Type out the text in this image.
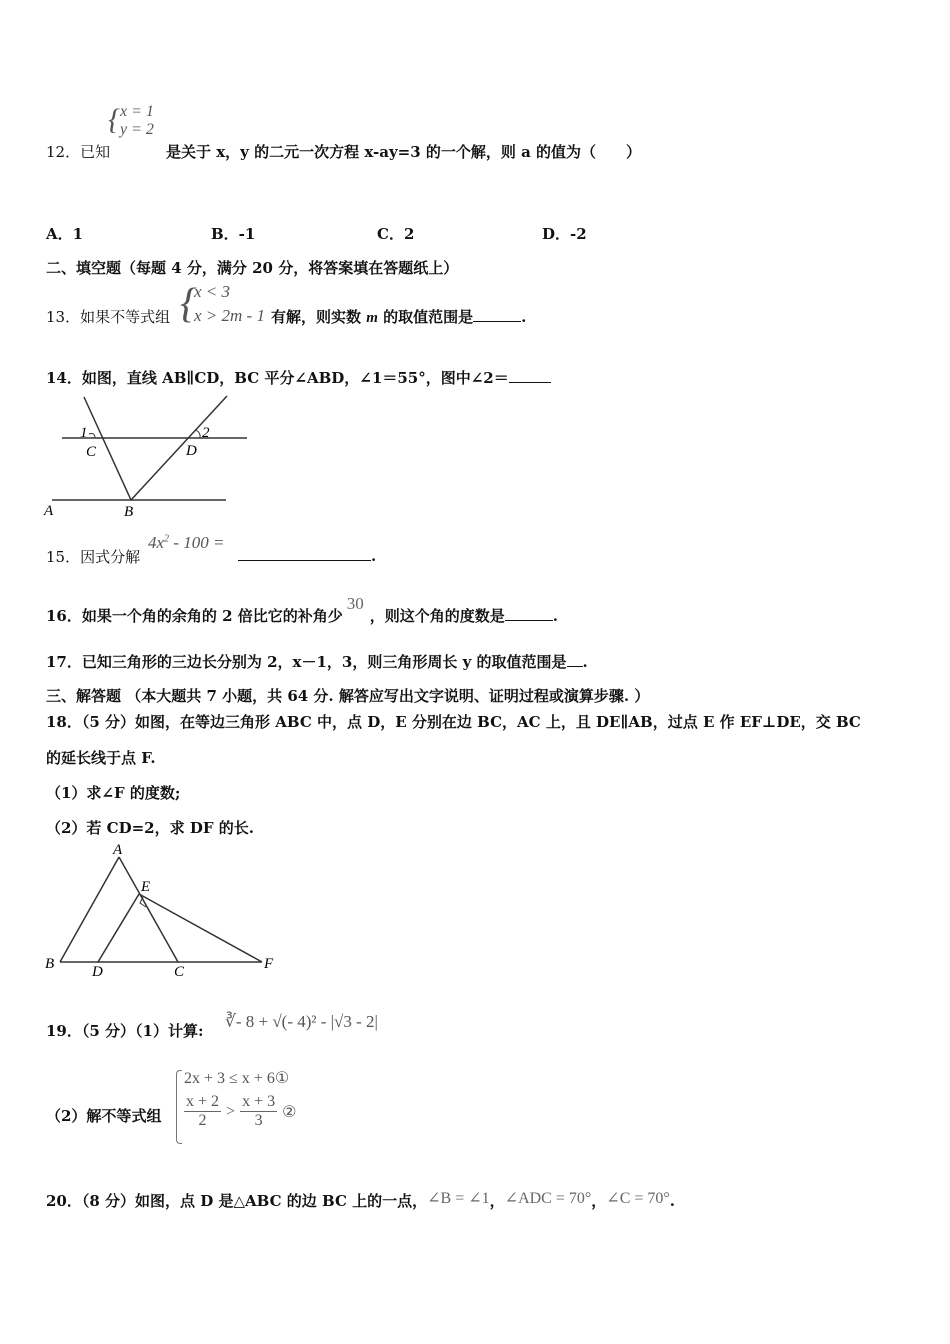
{ x = 1
y = 2
12．已知	是关于 x，y 的二元一次方程 x-ay=3 的一个解，则 a 的值为（　　）
A．1	B．-1	C．2	D．-2
二、填空题（每题 4 分，满分 20 分，将答案填在答题纸上）
13．如果不等式组 {
x < 3
x > 2m - 1 有解，则实数 m 的取值范围是	.
14．如图，直线 AB∥CD，BC 平分∠ABD，∠1＝55°，图中∠2＝
1	2
C	D
A	B
15．因式分解
$4x^2 - 100$ =
.
16．如果一个角的余角的 2 倍比它的补角少30，则这个角的度数是	.
17．已知三角形的三边长分别为 2，x－1，3，则三角形周长 y 的取值范围是 .
三、解答题 （本大题共 7 小题，共 64 分. 解答应写出文字说明、证明过程或演算步骤. ）
18．（5 分）如图，在等边三角形 ABC 中，点 D，E 分别在边 BC，AC 上，且 DE∥AB，过点 E 作 EF⊥DE，交 BC
的延长线于点 F.
（1）求∠F 的度数;
（2）若 CD=2，求 DF 的长.
A
E
B	D	C	F
19．（5 分）（1）计算: ∛- 8 + √(- 4)² - |√3 - 2|
（2）解不等式组
2x + 3 ≤ x + 6①
$\frac{x + 2}{2} > \frac{x + 3}{3}$ ②
20．（8 分）如图，点 D 是△ABC 的边 BC 上的一点，∠B = ∠1，∠ADC = 70°，∠C = 70°.
